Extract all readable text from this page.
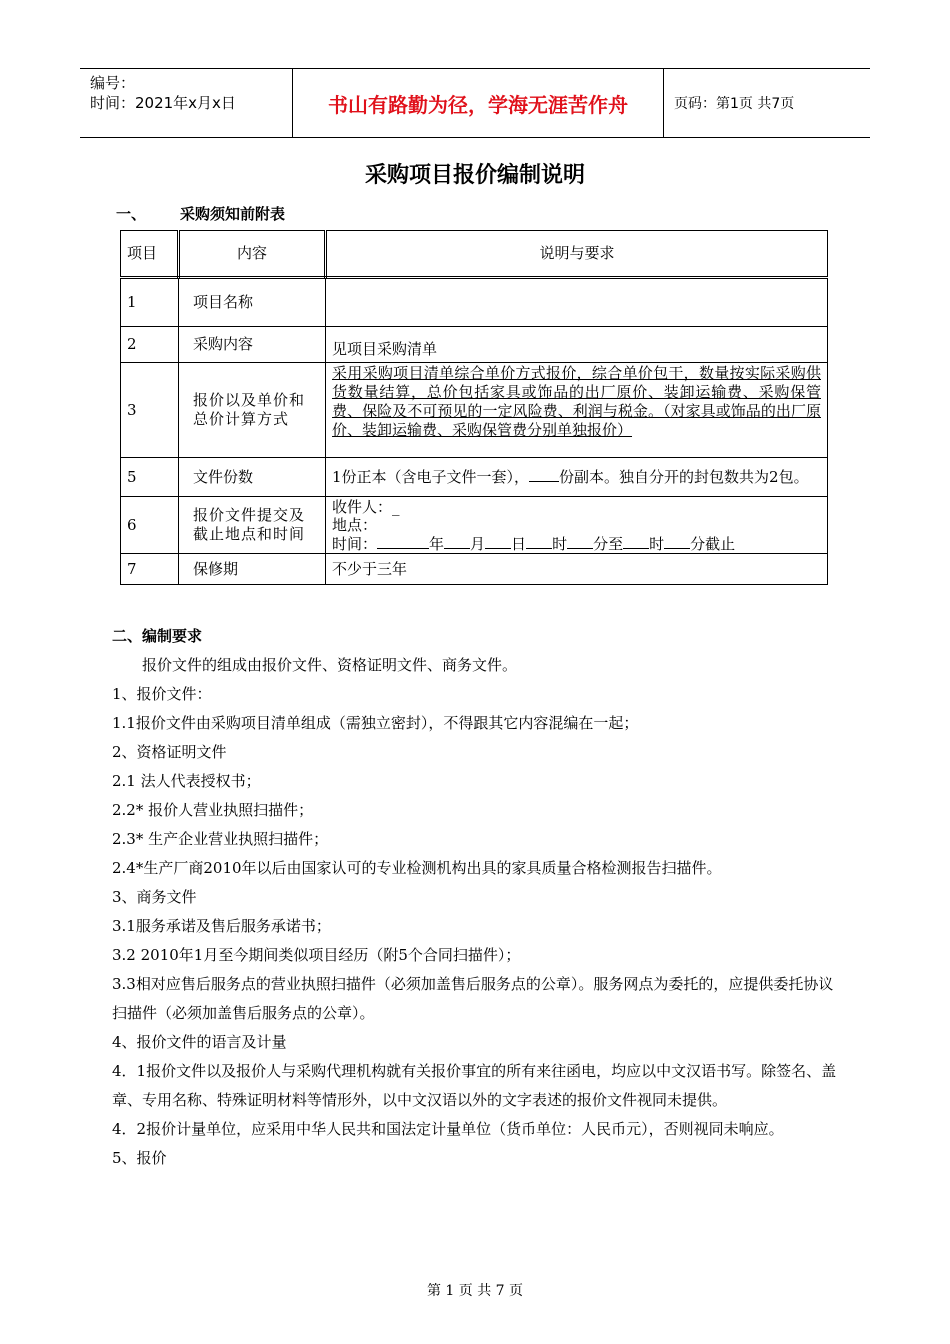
编号：
时间：2021年x月x日	书山有路勤为径，学海无涯苦作舟	页码：第1页 共7页
采购项目报价编制说明
一、 采购须知前附表
项目	内容	说明与要求
1	项目名称	
2	采购内容	见项目采购清单
3	报价以及单价和总价计算方式	采用采购项目清单综合单价方式报价，综合单价包干，数量按实际采购供货数量结算，总价包括家具或饰品的出厂原价、装卸运输费、采购保管费、保险及不可预见的一定风险费、利润与税金。（对家具或饰品的出厂原价、装卸运输费、采购保管费分别单独报价）
5	文件份数	1份正本（含电子文件一套）， 份副本。独自分开的封包数共为2包。
6	报价文件提交及截止地点和时间	收件人：_
地点：
时间： 年 月 日 时 分至 时 分截止

7	保修期	不少于三年

二、编制要求

报价文件的组成由报价文件、资格证明文件、商务文件。

1、报价文件：

1.1报价文件由采购项目清单组成（需独立密封），不得跟其它内容混编在一起；

2、资格证明文件

2.1 法人代表授权书；

2.2* 报价人营业执照扫描件；

2.3* 生产企业营业执照扫描件；

2.4*生产厂商2010年以后由国家认可的专业检测机构出具的家具质量合格检测报告扫描件。

3、商务文件

3.1服务承诺及售后服务承诺书；

3.2 2010年1月至今期间类似项目经历（附5个合同扫描件）；

3.3相对应售后服务点的营业执照扫描件（必须加盖售后服务点的公章）。服务网点为委托的，应提供委托协议扫描件（必须加盖售后服务点的公章）。

4、报价文件的语言及计量

4．1报价文件以及报价人与采购代理机构就有关报价事宜的所有来往函电，均应以中文汉语书写。除签名、盖章、专用名称、特殊证明材料等情形外，以中文汉语以外的文字表述的报价文件视同未提供。

4．2报价计量单位，应采用中华人民共和国法定计量单位（货币单位：人民币元），否则视同未响应。

5、报价

第 1 页 共 7 页
